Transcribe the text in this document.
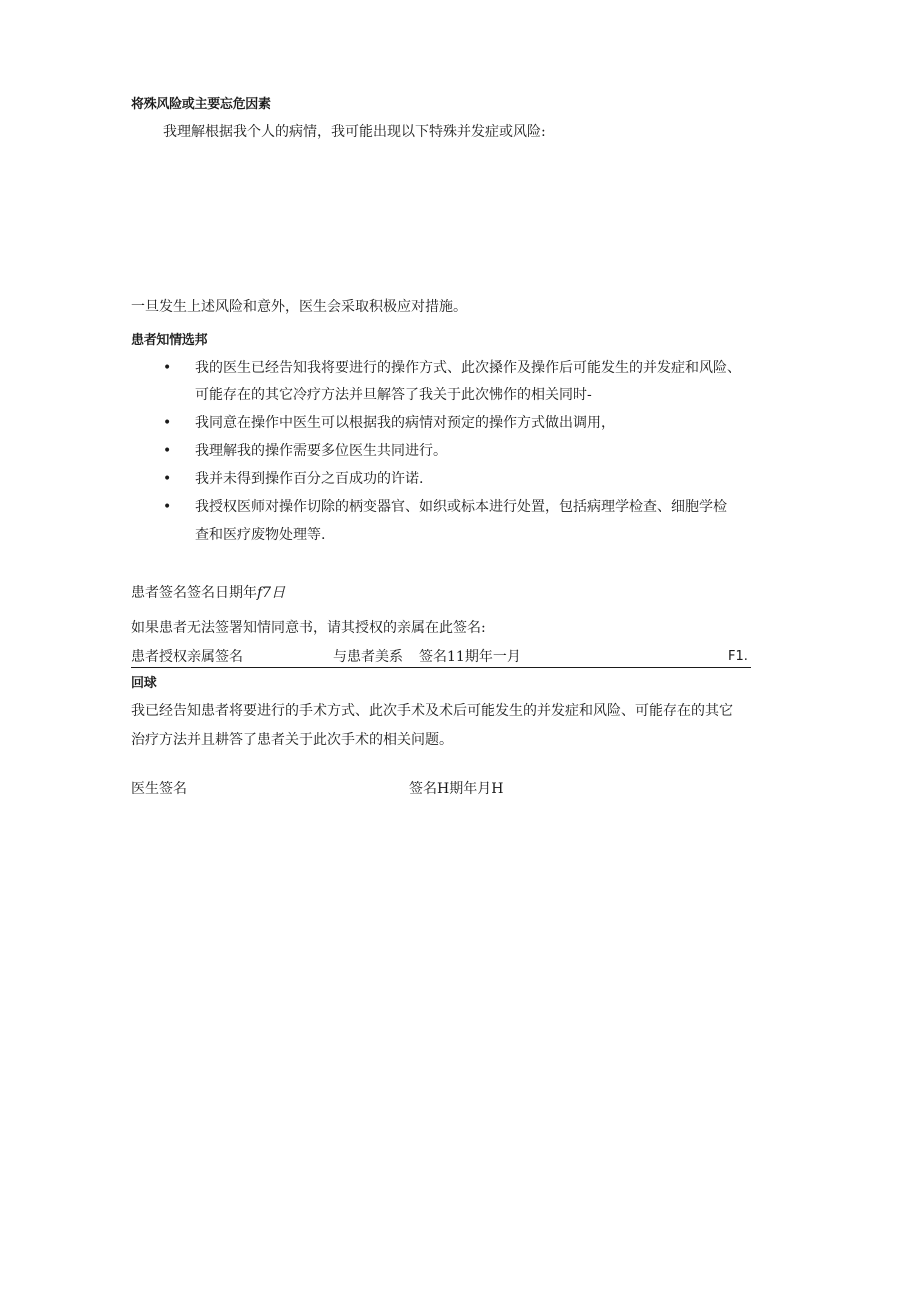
将殊风险或主要忘危因素
我理解根据我个人的病情，我可能出现以下特殊并发症或风险:
一旦发生上述风险和意外，医生会采取积极应对措施。
患者知情选邦
• 我的医生已经告知我将要进行的操作方式、此次搡作及操作后可能发生的并发症和风险、
可能存在的其它冷疗方法并旦解答了我关于此次怫作的相关同时-
• 我同意在操作中医生可以根据我的病情对预定的操作方式做出调用，
• 我理解我的操作需要多位医生共同进行。
• 我并未得到操作百分之百成功的许诺.
• 我授权医师对操作切除的柄变器官、如织或标本进行处置，包括病理学检查、细胞学检
查和医疗废物处理等.
患者签名签名日期年f7日
如果患者无法签署知情同意书，请其授权的亲属在此签名:
患者授权亲属签名	与患者美系 签名11期年一月	F1.
回球
我已经告知患者将要进行的手术方式、此次手术及术后可能发生的并发症和风险、可能存在的其它
治疗方法并且耕答了患者关于此次手术的相关问题。
医生签名	签名H期年月H
